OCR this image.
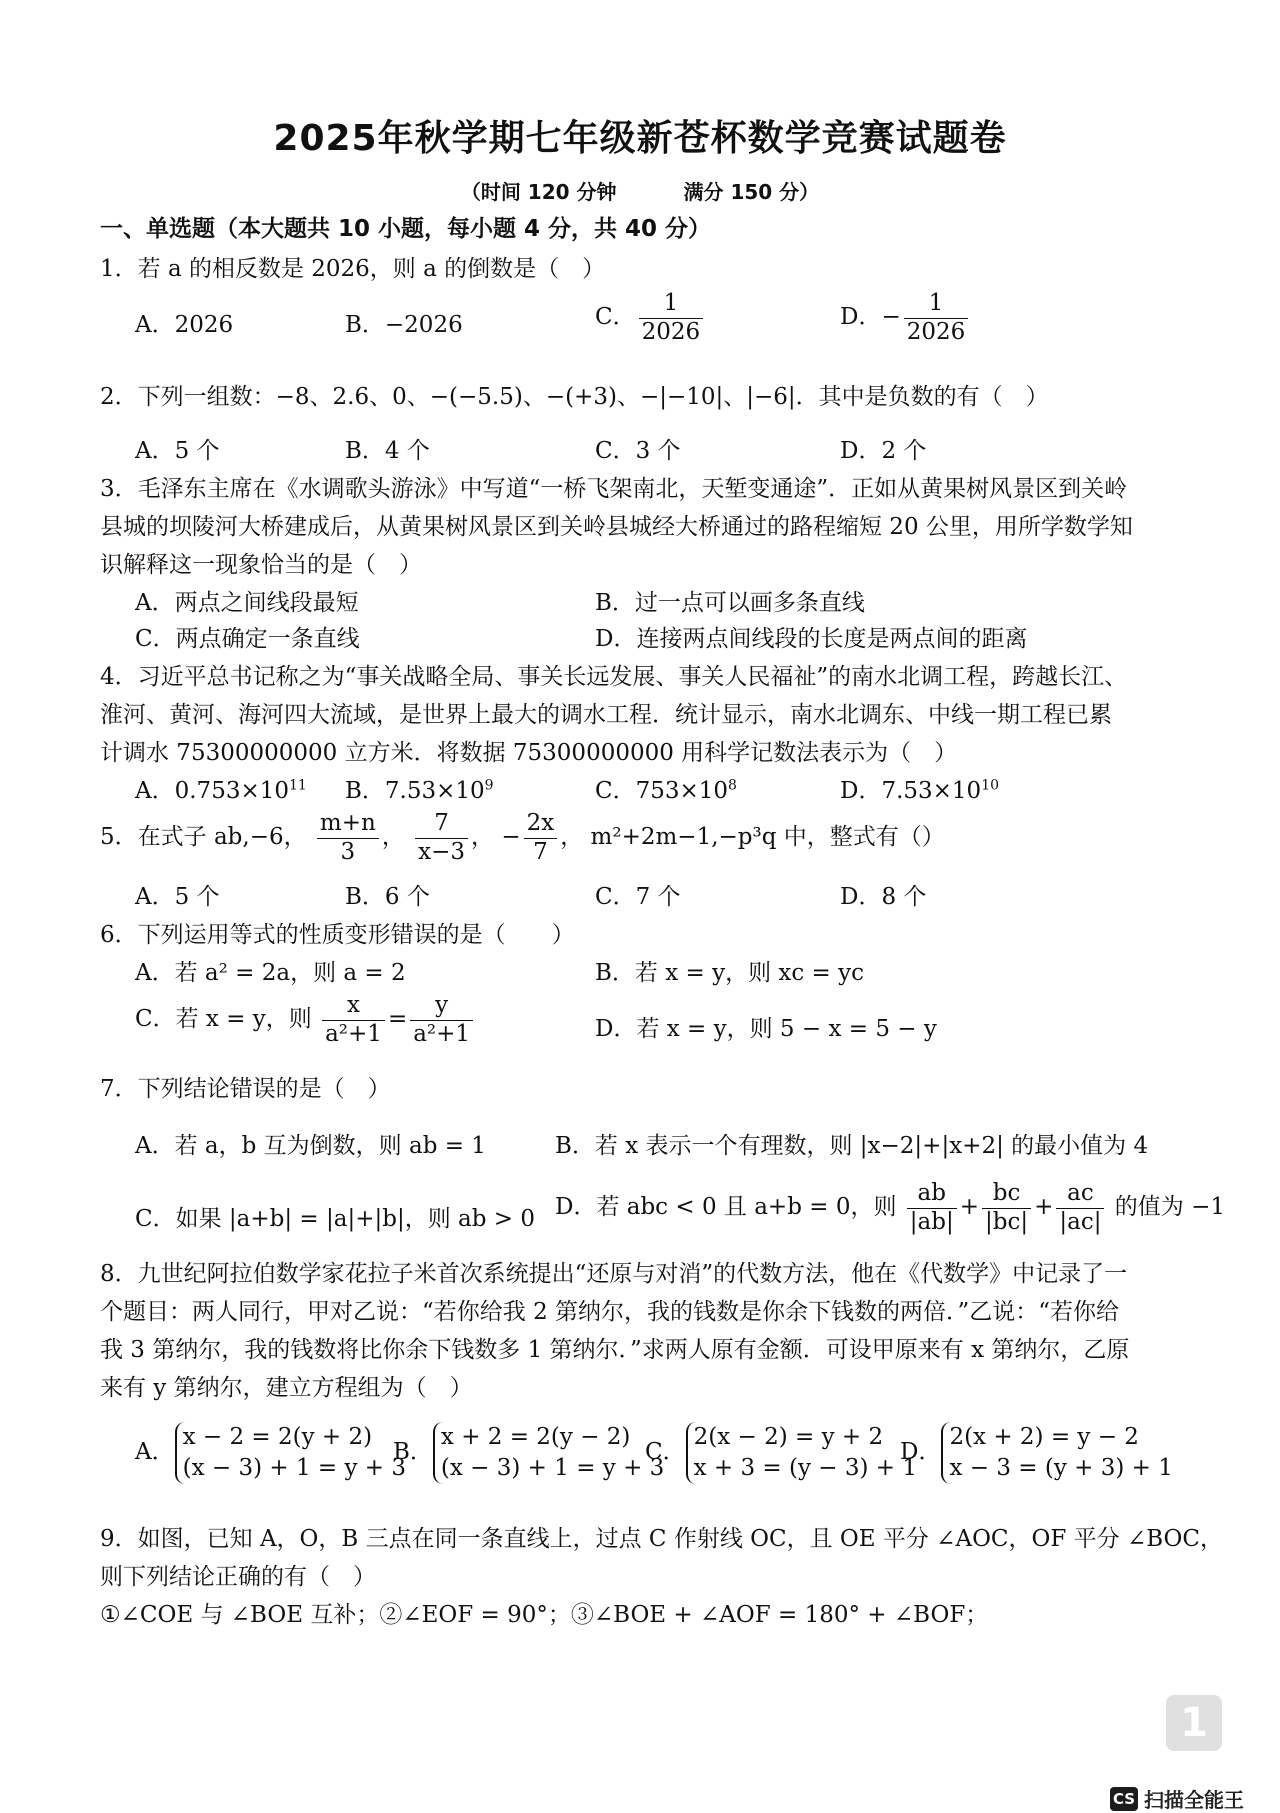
2025年秋学期七年级新苍杯数学竞赛试题卷
（时间 120 分钟	满分 150 分）
一、单选题（本大题共 10 小题，每小题 4 分，共 40 分）
1．若 a 的相反数是 2026，则 a 的倒数是（　）
A．2026	B．−2026	C． $\frac{1}{2026}$	D．− $\frac{1}{2026}$
2．下列一组数：−8、2.6、0、−(−5.5)、−(+3)、−|−10|、|−6|．其中是负数的有（　）
A．5 个	B．4 个	C．3 个	D．2 个
3．毛泽东主席在《水调歌头游泳》中写道“一桥飞架南北，天堑变通途”．正如从黄果树风景区到关岭
县城的坝陵河大桥建成后，从黄果树风景区到关岭县城经大桥通过的路程缩短 20 公里，用所学数学知
识解释这一现象恰当的是（　）
A．两点之间线段最短	B．过一点可以画多条直线
C．两点确定一条直线	D．连接两点间线段的长度是两点间的距离
4．习近平总书记称之为“事关战略全局、事关长远发展、事关人民福祉”的南水北调工程，跨越长江、
淮河、黄河、海河四大流域，是世界上最大的调水工程．统计显示，南水北调东、中线一期工程已累
计调水 75300000000 立方米．将数据 75300000000 用科学记数法表示为（　）
A．$0.753\times 10^{11}$ B．$7.53\times 10^9$	C．$753\times 10^8$	D．$7.53\times 10^{10}$
5．在式子 ab,−6， $\frac{m+n}{3}$ ， $\frac{7}{x-3}$ ， − $\frac{2x}{7}$ ， m²+2m−1,−p³q 中，整式有（）
A．5 个	B．6 个	C．7 个	D．8 个
6．下列运用等式的性质变形错误的是（　　）
A．若 a² = 2a，则 a = 2	B．若 x = y，则 xc = yc
C．若 x = y，则 $\frac{x}{\text{a²+1}} = \frac{y}{\text{a²+1}}$	D．若 x = y，则 5 − x = 5 − y
7．下列结论错误的是（　）
A．若 a，b 互为倒数，则 ab = 1	B．若 x 表示一个有理数，则 |x−2|+|x+2| 的最小值为 4
C．如果 |a+b| = |a|+|b|，则 ab > 0 D．若 abc < 0 且 a+b = 0，则 $\frac{ab}{|ab|} + \frac{bc}{|bc|} + \frac{ac}{|ac|}$ 的值为 −1
8．九世纪阿拉伯数学家花拉子米首次系统提出“还原与对消”的代数方法，他在《代数学》中记录了一
个题目：两人同行，甲对乙说：“若你给我 2 第纳尔，我的钱数是你余下钱数的两倍．”乙说：“若你给
我 3 第纳尔，我的钱数将比你余下钱数多 1 第纳尔．”求两人原有金额．可设甲原来有 x 第纳尔，乙原
来有 y 第纳尔，建立方程组为（　）
A．x − 2 = 2(y + 2)
(x − 3) + 1 = y + 3
B．x + 2 = 2(y − 2)
(x − 3) + 1 = y + 3
C．2(x − 2) = y + 2
x + 3 = (y − 3) + 1
D．2(x + 2) = y − 2
x − 3 = (y + 3) + 1
9．如图，已知 A，O，B 三点在同一条直线上，过点 C 作射线 OC，且 OE 平分 ∠AOC，OF 平分 ∠BOC，
则下列结论正确的有（　）
①∠COE 与 ∠BOE 互补；②∠EOF = 90°；③∠BOE + ∠AOF = 180° + ∠BOF；
1
CS 扫描全能王
